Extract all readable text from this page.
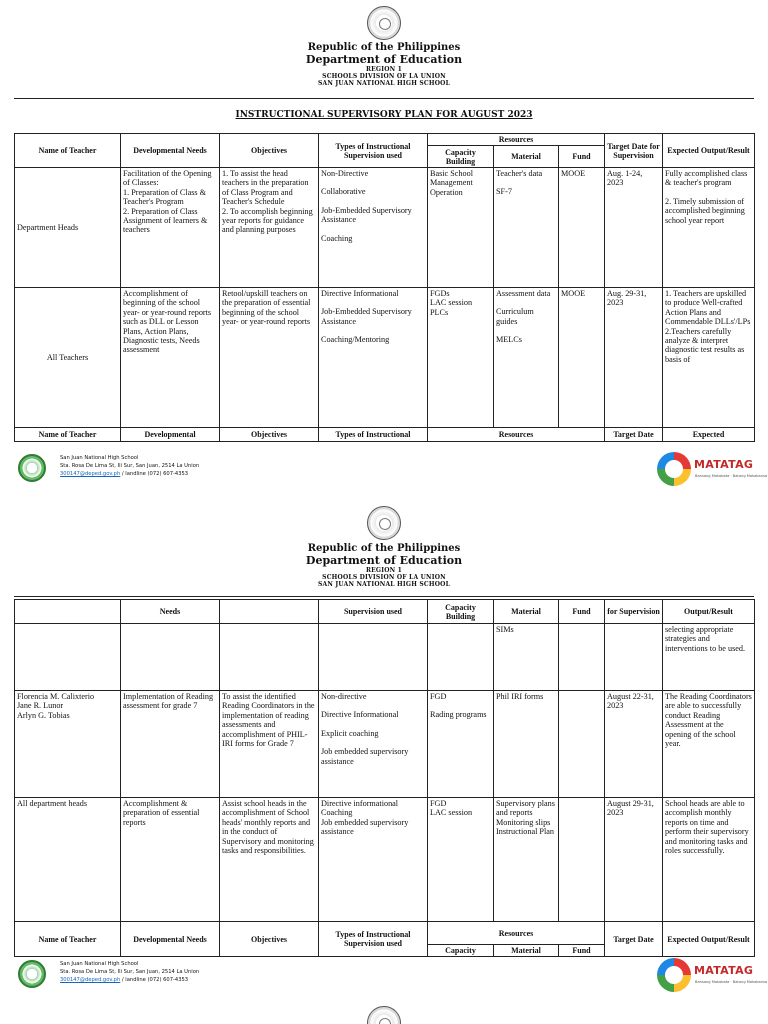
Republic of the Philippines
Department of Education
REGION 1
SCHOOLS DIVISION OF LA UNION
SAN JUAN NATIONAL HIGH SCHOOL
INSTRUCTIONAL SUPERVISORY PLAN FOR AUGUST 2023
Name of Teacher	Developmental Needs	Objectives	Types of Instructional Supervision used	Resources			Target Date for Supervision	Expected Output/Result
				Capacity Building	Material	Fund		
Department Heads	Facilitation of the Opening of Classes:
1. Preparation of Class & Teacher's Program
2. Preparation of Class Assignment of learners & teachers	1. To assist the head teachers in the preparation of Class Program and Teacher's Schedule
2. To accomplish beginning year reports for guidance and planning purposes	Non-Directive
Collaborative
Job-Embedded Supervisory Assistance
Coaching	Basic School Management Operation	Teacher's data
SF-7	MOOE	Aug. 1-24, 2023	Fully accomplished class & teacher's program
2. Timely submission of accomplished beginning school year report

All Teachers	Accomplishment of beginning of the school year- or year-round reports such as DLL or Lesson Plans, Action Plans, Diagnostic tests, Needs assessment	Retool/upskill teachers on the preparation of essential beginning of the school year- or year-round reports	Directive Informational
Job-Embedded Supervisory Assistance
Coaching/Mentoring	FGDs
LAC session
PLCs	Assessment data
Curriculum guides
MELCs	MOOE	Aug. 29-31, 2023	1. Teachers are upskilled to produce Well-crafted Action Plans and Commendable DLLs'/LPs 2.Teachers carefully analyze & interpret diagnostic test results as basis of
Name of Teacher	Developmental	Objectives	Types of Instructional	Resources			Target Date	Expected
San Juan National High School
Sta. Rosa De Lima St, Ili Sur, San Juan, 2514 La Union
300147@deped.gov.ph / landline (072) 607-4353
MATATAG
Bansang Makabata · Batang Makabansa
Republic of the Philippines
Department of Education
REGION 1
SCHOOLS DIVISION OF LA UNION
SAN JUAN NATIONAL HIGH SCHOOL
	Needs		Supervision used	Capacity Building	Material	Fund	for Supervision	Output/Result
					SIMs			selecting appropriate strategies and interventions to be used.

Florencia M. Calixterio
Jane R. Lunor
Arlyn G. Tobias	Implementation of Reading assessment for grade 7	To assist the identified Reading Coordinators in the implementation of reading assessments and accomplishment of PHIL-IRI forms for Grade 7	Non-directive
Directive Informational
Explicit coaching
Job embedded supervisory assistance	FGD
Rading programs	Phil IRI forms		August 22-31, 2023	The Reading Coordinators are able to successfully conduct Reading Assessment at the opening of the school year.
All department heads	Accomplishment & preparation of essential reports	Assist school heads in the accomplishment of School heads' monthly reports and in the conduct of Supervisory and monitoring tasks and responsibilities.	Directive informational
Coaching
Job embedded supervisory assistance	FGD
LAC session	Supervisory plans and reports Monitoring slips Instructional Plan		August 29-31, 2023	School heads are able to accomplish monthly reports on time and perform their supervisory and monitoring tasks and roles successfully.
Name of Teacher	Developmental Needs	Objectives	Types of Instructional Supervision used	Resources			Target Date	Expected Output/Result
				Capacity	Material	Fund		
San Juan National High School
Sta. Rosa De Lima St, Ili Sur, San Juan, 2514 La Union
300147@deped.gov.ph / landline (072) 607-4353
MATATAG
Bansang Makabata · Batang Makabansa
